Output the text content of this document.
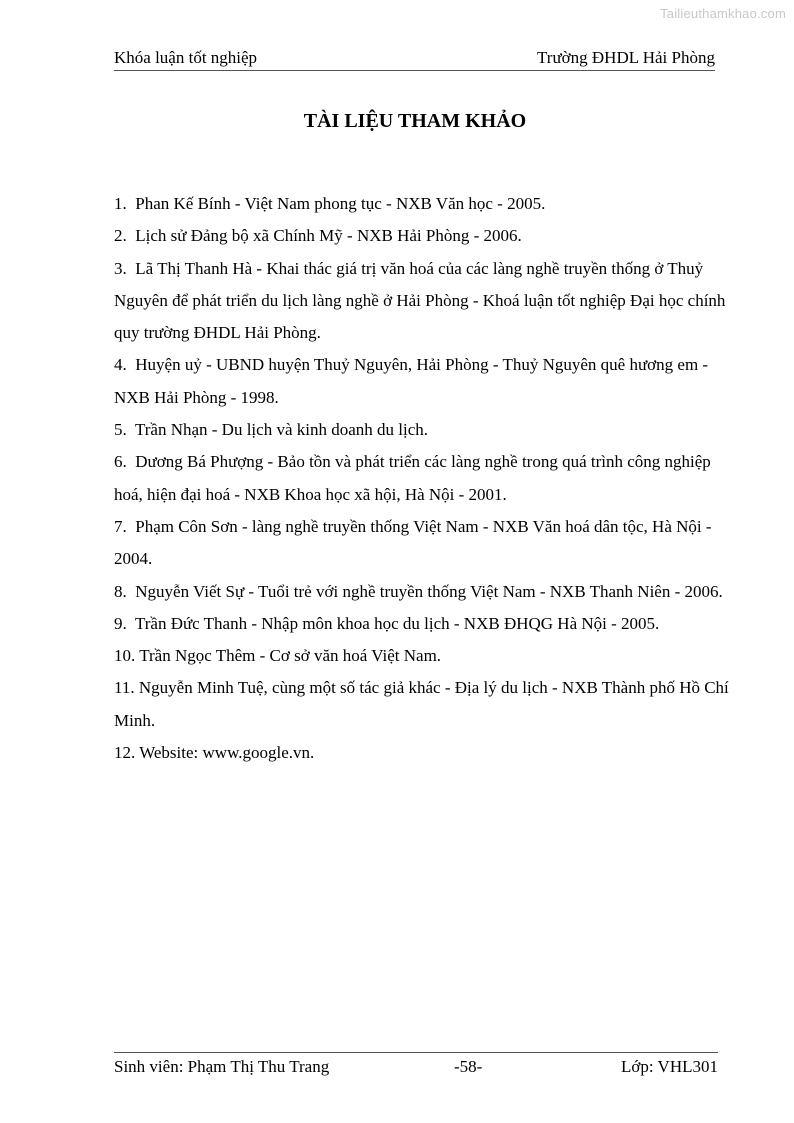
Tailieuthamkhao.com
Khóa luận tốt nghiệp	Trường ĐHDL Hải Phòng
TÀI LIỆU THAM KHẢO

1. Phan Kế Bính - Việt Nam phong tục - NXB Văn học - 2005.

2. Lịch sử Đảng bộ xã Chính Mỹ - NXB Hải Phòng - 2006.

3. Lã Thị Thanh Hà - Khai thác giá trị văn hoá của các làng nghề truyền thống ở Thuỷ Nguyên để phát triển du lịch làng nghề ở Hải Phòng - Khoá luận tốt nghiệp Đại học chính quy trường ĐHDL Hải Phòng.

4. Huyện uỷ - UBND huyện Thuỷ Nguyên, Hải Phòng - Thuỷ Nguyên quê hương em - NXB Hải Phòng - 1998.

5. Trần Nhạn - Du lịch và kinh doanh du lịch.

6. Dương Bá Phượng - Bảo tồn và phát triển các làng nghề trong quá trình công nghiệp hoá, hiện đại hoá - NXB Khoa học xã hội, Hà Nội - 2001.

7. Phạm Côn Sơn - làng nghề truyền thống Việt Nam - NXB Văn hoá dân tộc, Hà Nội - 2004.

8. Nguyễn Viết Sự - Tuổi trẻ với nghề truyền thống Việt Nam - NXB Thanh Niên - 2006.

9. Trần Đức Thanh - Nhập môn khoa học du lịch - NXB ĐHQG Hà Nội - 2005.

10. Trần Ngọc Thêm - Cơ sở văn hoá Việt Nam.

11. Nguyễn Minh Tuệ, cùng một số tác giả khác - Địa lý du lịch - NXB Thành phố Hồ Chí Minh.

12. Website: www.google.vn.

Sinh viên: Phạm Thị Thu Trang	-58-	Lớp: VHL301
